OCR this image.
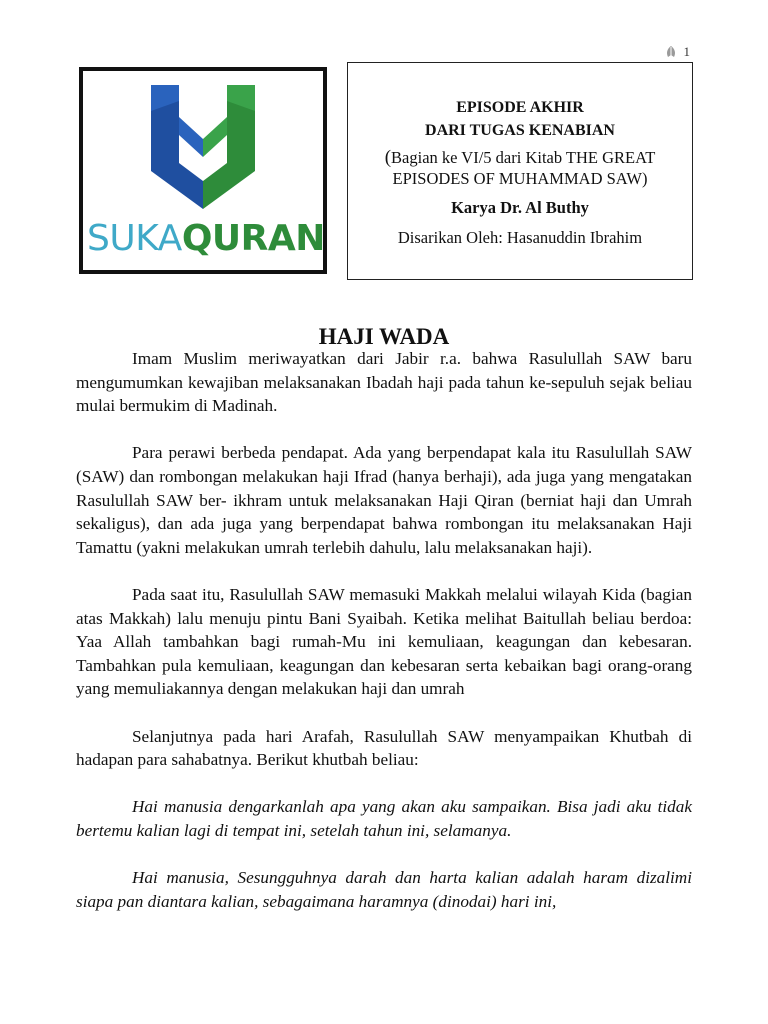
1
SUKAQURAN
EPISODE AKHIR
DARI TUGAS KENABIAN
(Bagian ke VI/5 dari Kitab THE GREAT EPISODES OF MUHAMMAD SAW)
Karya Dr. Al Buthy
Disarikan Oleh: Hasanuddin Ibrahim
HAJI WADA

Imam Muslim meriwayatkan dari Jabir r.a. bahwa Rasulullah SAW baru mengumumkan kewajiban melaksanakan Ibadah haji pada tahun ke-sepuluh sejak beliau mulai bermukim di Madinah.

Para perawi berbeda pendapat. Ada yang berpendapat kala itu Rasulullah SAW (SAW) dan rombongan melakukan haji Ifrad (hanya berhaji), ada juga yang mengatakan Rasulullah SAW ber- ikhram untuk melaksanakan Haji Qiran (berniat haji dan Umrah sekaligus), dan ada juga yang berpendapat bahwa rombongan itu melaksanakan Haji Tamattu (yakni melakukan umrah terlebih dahulu, lalu melaksanakan haji).

Pada saat itu, Rasulullah SAW memasuki Makkah melalui wilayah Kida (bagian atas Makkah) lalu menuju pintu Bani Syaibah. Ketika melihat Baitullah beliau berdoa: Yaa Allah tambahkan bagi rumah-Mu ini kemuliaan, keagungan dan kebesaran. Tambahkan pula kemuliaan, keagungan dan kebesaran serta kebaikan bagi orang-orang yang memuliakannya dengan melakukan haji dan umrah

Selanjutnya pada hari Arafah, Rasulullah SAW menyampaikan Khutbah di hadapan para sahabatnya. Berikut khutbah beliau:

Hai manusia dengarkanlah apa yang akan aku sampaikan. Bisa jadi aku tidak bertemu kalian lagi di tempat ini, setelah tahun ini, selamanya.

Hai manusia, Sesungguhnya darah dan harta kalian adalah haram dizalimi siapa pan diantara kalian, sebagaimana haramnya (dinodai) hari ini,
